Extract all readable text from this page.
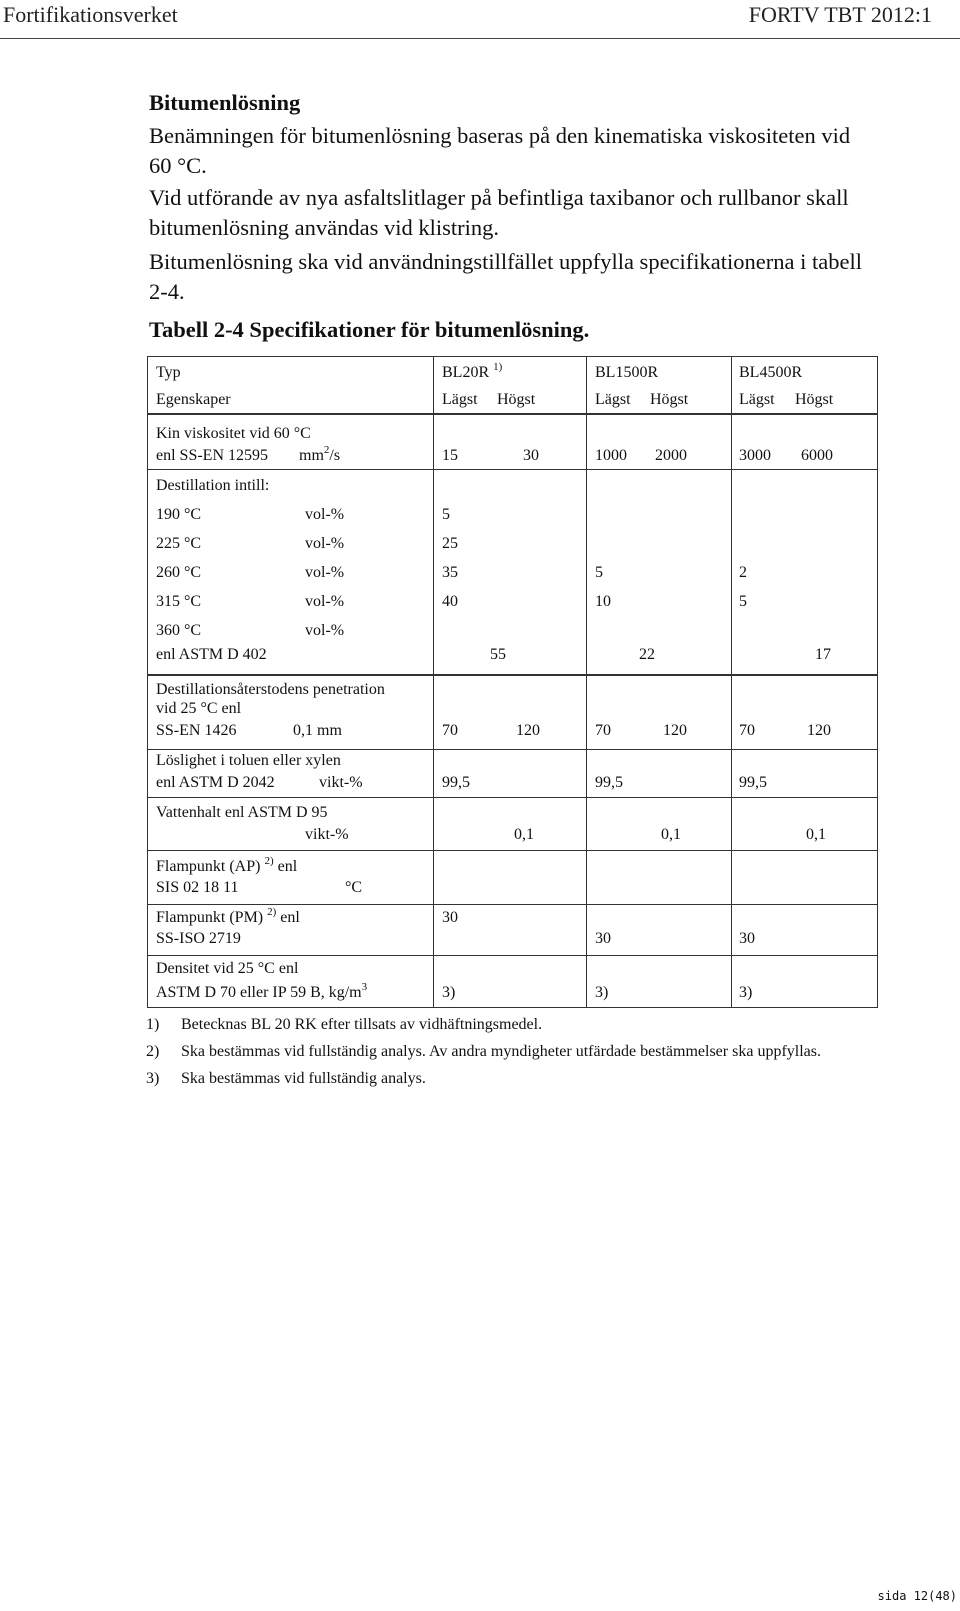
Fortifikationsverket	FORTV TBT 2012:1
Bitumenlösning
Benämningen för bitumenlösning baseras på den kinematiska viskositeten vid
60 °C.
Vid utförande av nya asfaltslitlager på befintliga taxibanor och rullbanor skall
bitumenlösning användas vid klistring.
Bitumenlösning ska vid användningstillfället uppfylla specifikationerna i tabell
2-4.
Tabell 2-4 Specifikationer för bitumenlösning.
Typ	BL20R $^{1)}$	BL1500R	BL4500R
Egenskaper	Lägst Högst	Lägst Högst	Lägst Högst
Kin viskositet vid 60 °C
enl SS-EN 12595 $mm^2/s$	15	30	1000 2000	3000 6000
Destillation intill:
190 °C	vol-%	5
225 °C	vol-%	25
260 °C	vol-%	35	5	2
315 °C	vol-%	40	10	5
360 °C	vol-%
enl ASTM D 402	55	22	17
Destillationsåterstodens penetration
vid 25 °C enl
SS-EN 1426	0,1 mm	70	120	70	120	70	120
Löslighet i toluen eller xylen
enl ASTM D 2042	vikt-%	99,5	99,5	99,5
Vattenhalt enl ASTM D 95
vikt-%	0,1	0,1	0,1
Flampunkt (AP) $^{2)}$ enl
SIS 02 18 11	°C
Flampunkt (PM) $^{2)}$ enl	30
SS-ISO 2719	30	30
Densitet vid 25 °C enl
ASTM D 70 eller IP 59 B, $kg/m^3$	3)	3)	3)
1) Betecknas BL 20 RK efter tillsats av vidhäftningsmedel.
2) Ska bestämmas vid fullständig analys. Av andra myndigheter utfärdade bestämmelser ska uppfyllas.
3) Ska bestämmas vid fullständig analys.
sida 12(48)
